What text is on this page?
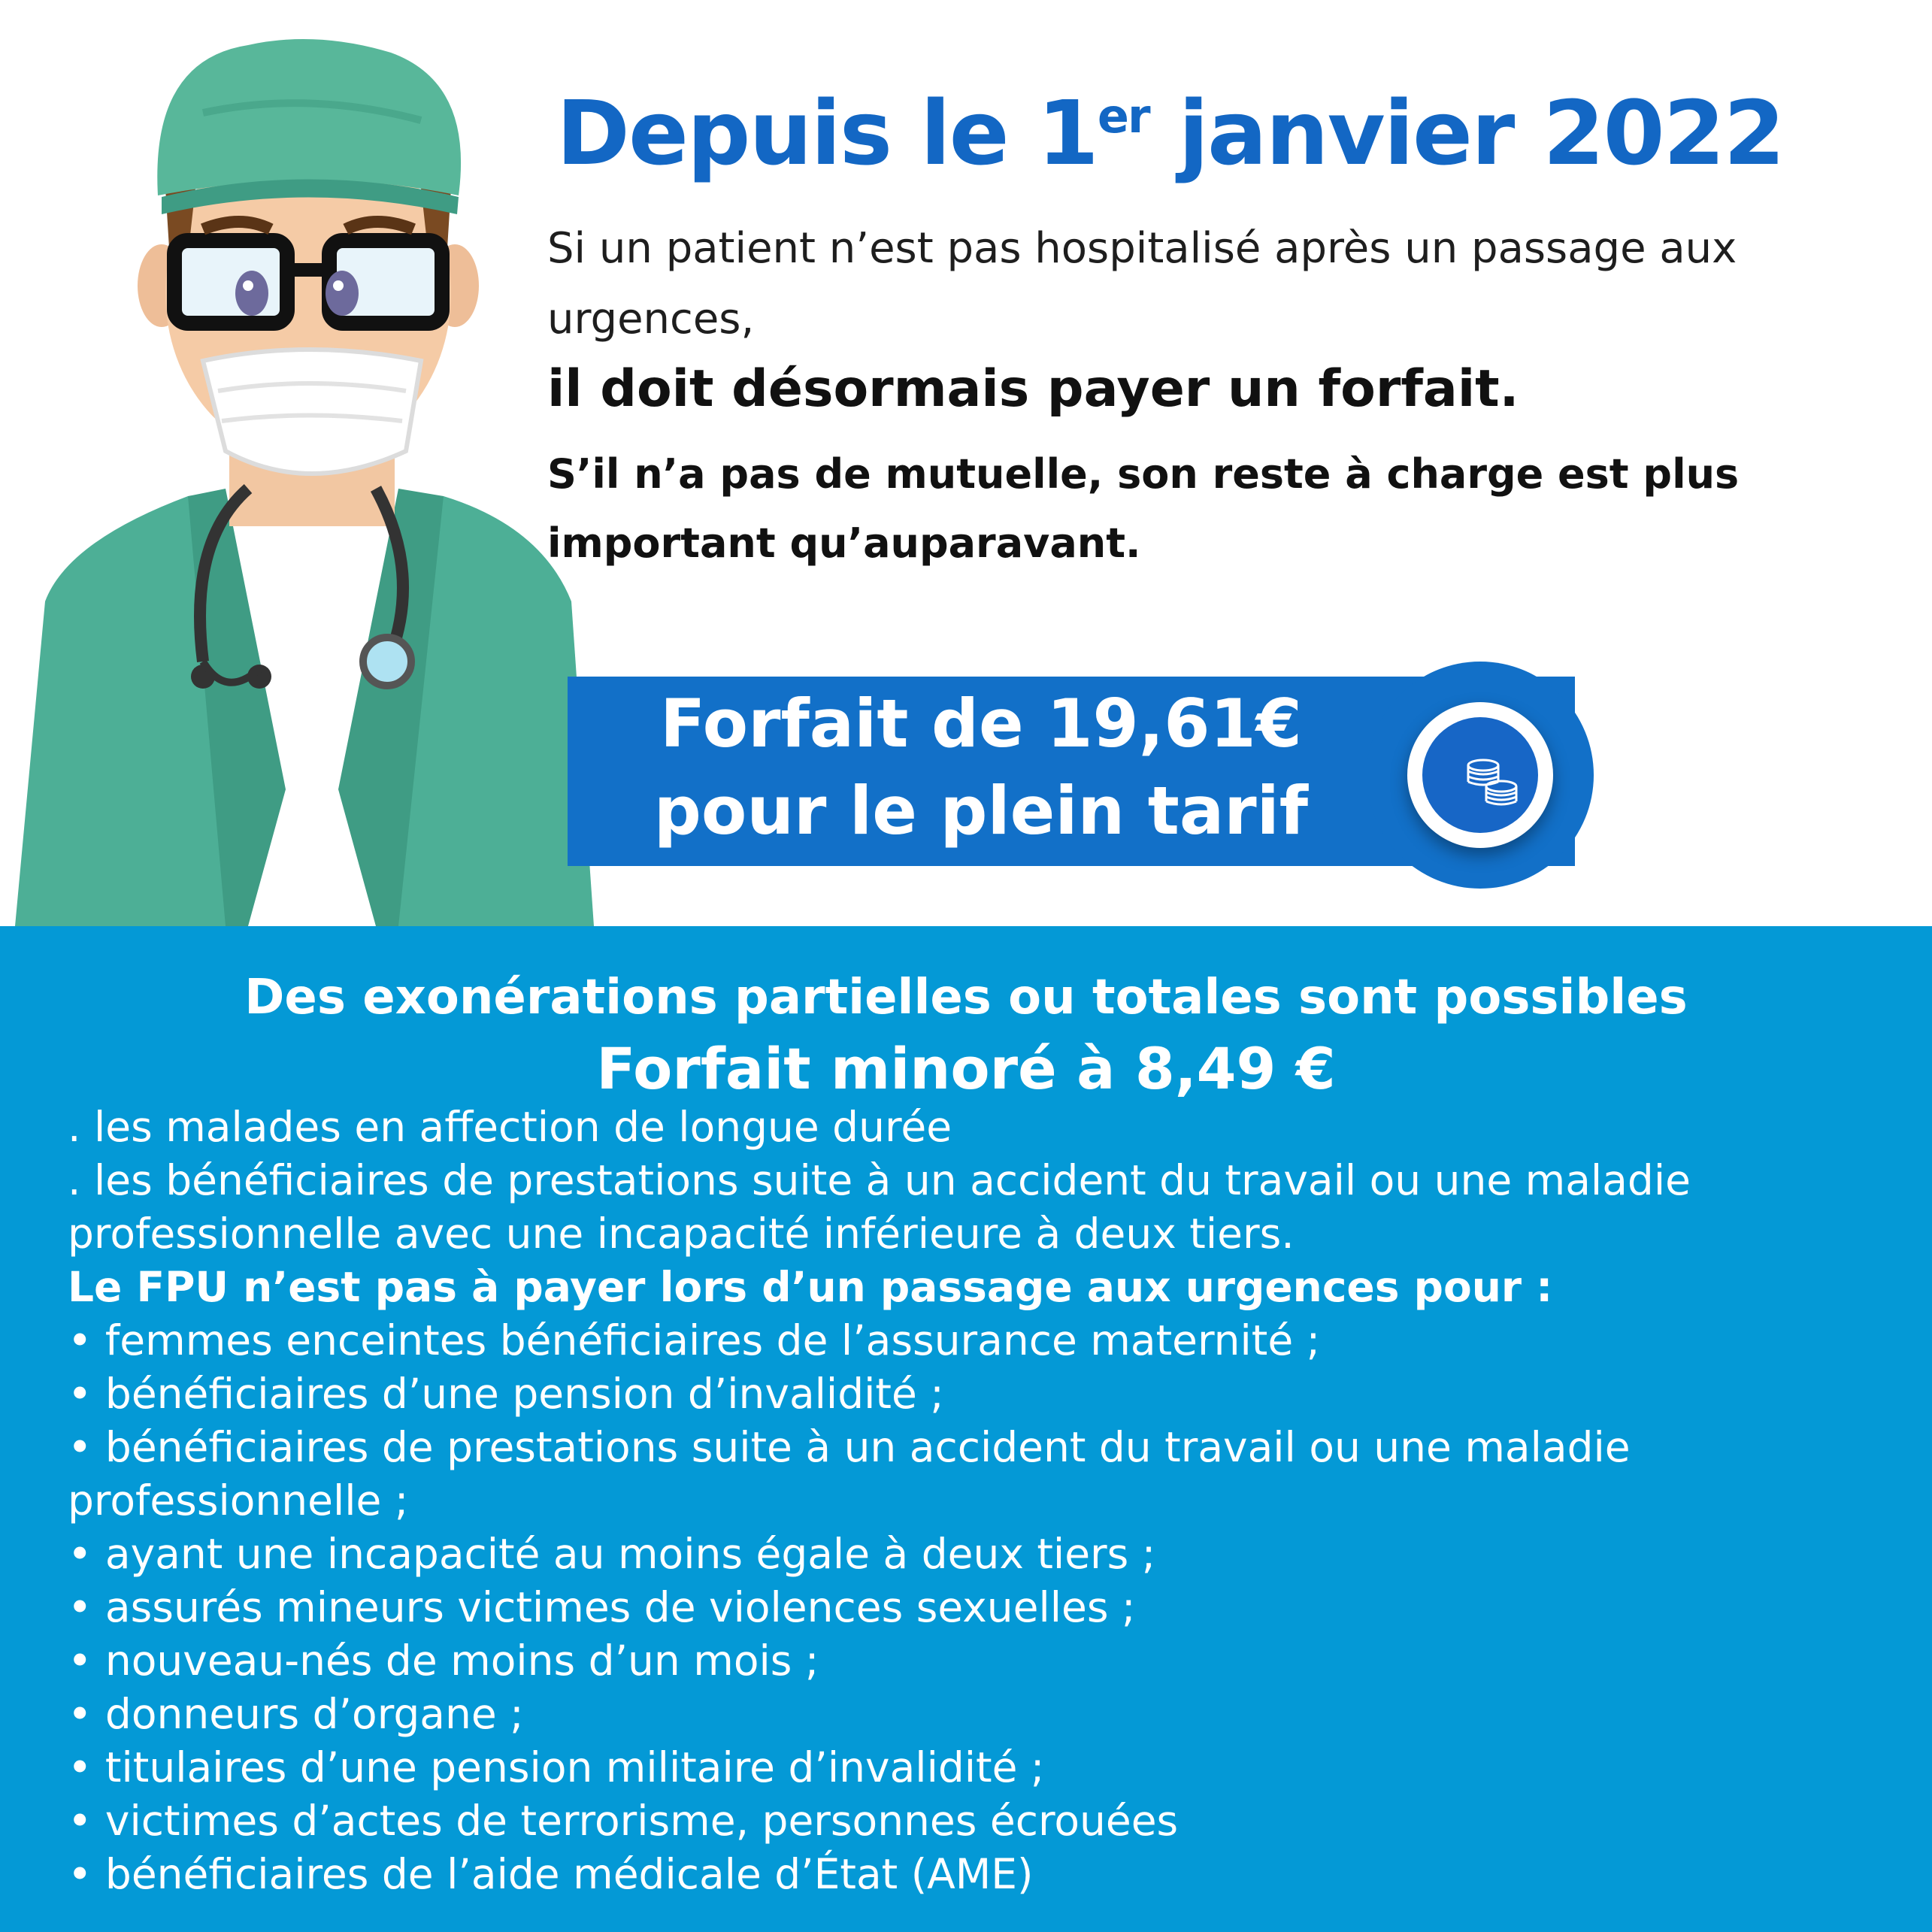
Depuis le 1er janvier 2022

Si un patient n’est pas hospitalisé après un passage aux urgences,

il doit désormais payer un forfait.

S’il n’a pas de mutuelle, son reste à charge est plus important qu’auparavant.

Forfait de 19,61€
pour le plein tarif
Des exonérations partielles ou totales sont possibles
Forfait minoré à 8,49 €

. les malades en affection de longue durée

. les bénéficiaires de prestations suite à un accident du travail ou une maladie professionnelle avec une incapacité inférieure à deux tiers.

Le FPU n’est pas à payer lors d’un passage aux urgences pour :

• femmes enceintes bénéficiaires de l’assurance maternité ;

• bénéficiaires d’une pension d’invalidité ;

• bénéficiaires de prestations suite à un accident du travail ou une maladie professionnelle ;

• ayant une incapacité au moins égale à deux tiers ;

• assurés mineurs victimes de violences sexuelles ;

• nouveau-nés de moins d’un mois ;

• donneurs d’organe ;

• titulaires d’une pension militaire d’invalidité ;

• victimes d’actes de terrorisme, personnes écrouées

• bénéficiaires de l’aide médicale d’État (AME)
